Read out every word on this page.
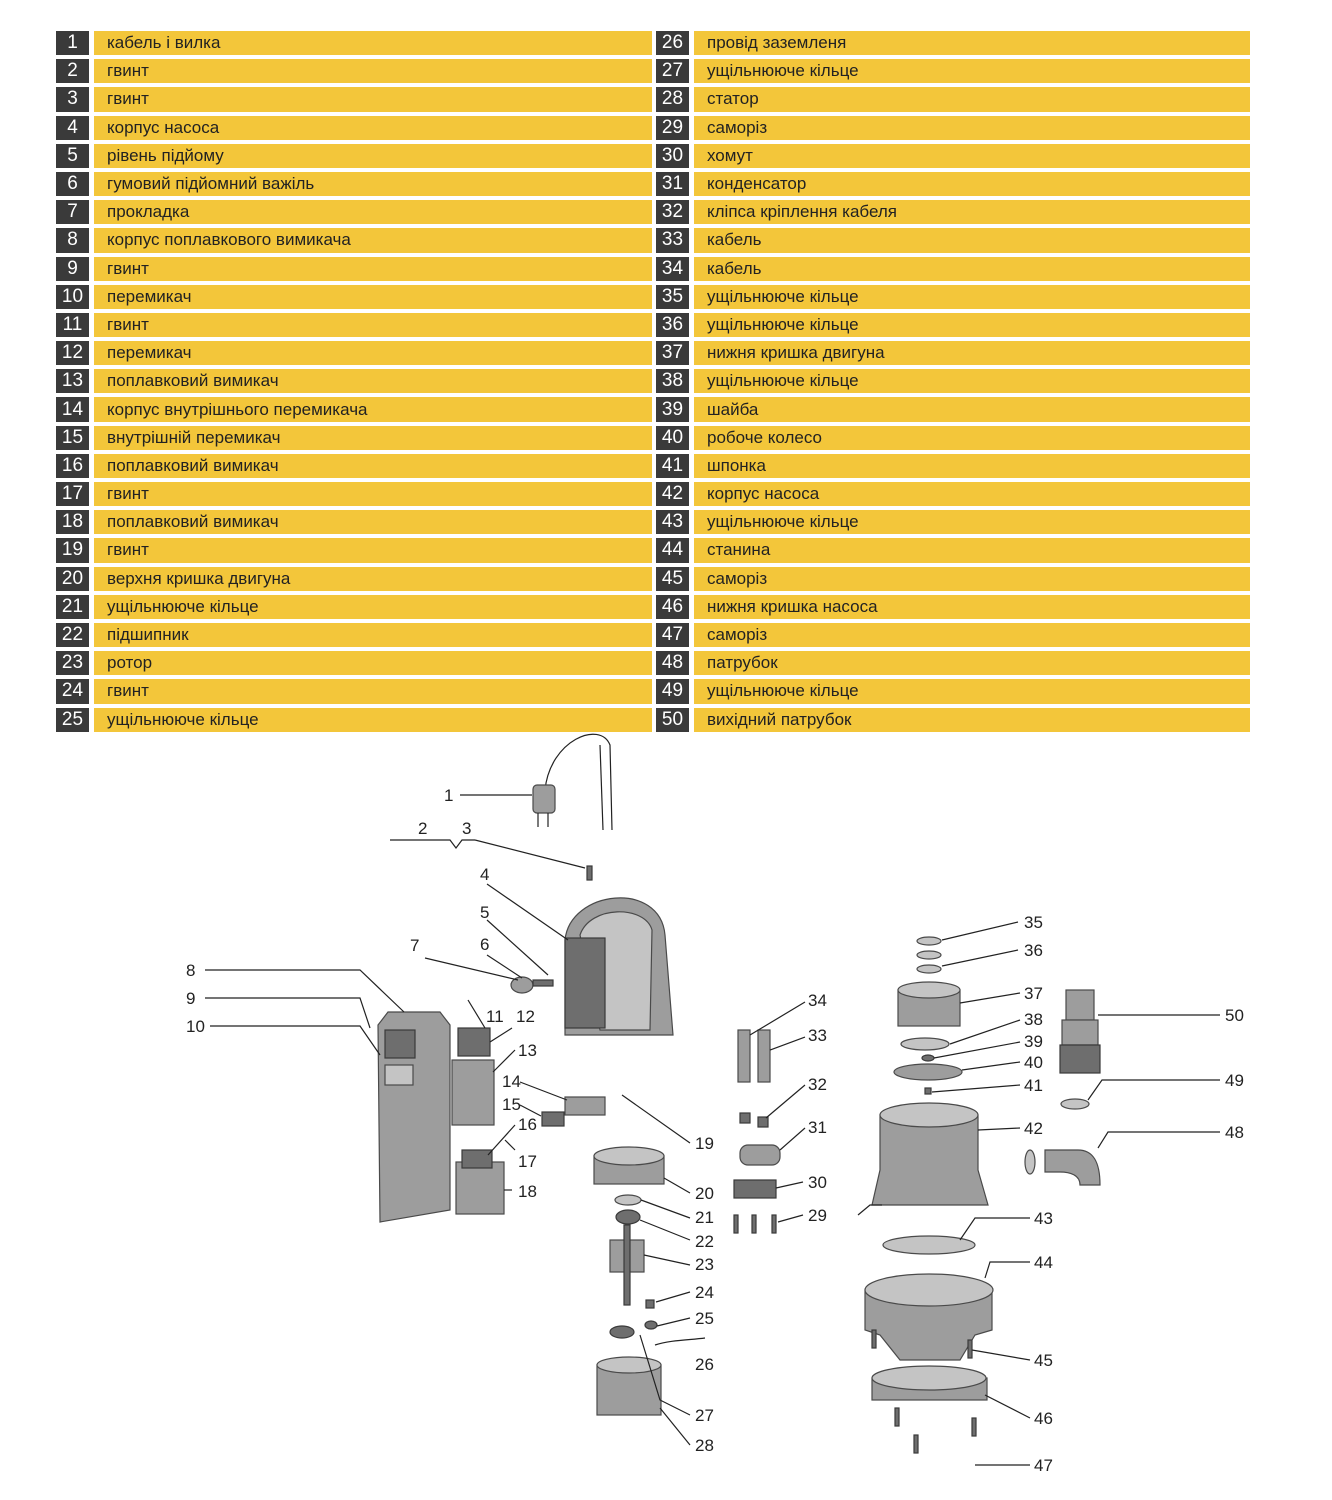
1	кабель і вилка
2	гвинт
3	гвинт
4	корпус насоса
5	рівень підйому
6	гумовий підйомний важіль
7	прокладка
8	корпус поплавкового вимикача
9	гвинт
10	перемикач
11	гвинт
12	перемикач
13	поплавковий вимикач
14	корпус внутрішнього перемикача
15	внутрішній перемикач
16	поплавковий вимикач
17	гвинт
18	поплавковий вимикач
19	гвинт
20	верхня кришка двигуна
21	ущільнююче кільце
22	підшипник
23	ротор
24	гвинт
25	ущільнююче кільце
26	провід заземленя
27	ущільнююче кільце
28	статор
29	саморіз
30	хомут
31	конденсатор
32	кліпса кріплення кабеля
33	кабель
34	кабель
35	ущільнююче кільце
36	ущільнююче кільце
37	нижня кришка двигуна
38	ущільнююче кільце
39	шайба
40	робоче колесо
41	шпонка
42	корпус насоса
43	ущільнююче кільце
44	станина
45	саморіз
46	нижня кришка насоса
47	саморіз
48	патрубок
49	ущільнююче кільце
50	вихідний патрубок
1
2 3
4
5
6
7
8
9
10
11 12
13
14
15
16
17
18
19
20
21
22
23
24
25
26
27
28
29
30
31
32
33
34
35
36
37
38
39
40
41
42
43
44
45
46
47
48
49
50
